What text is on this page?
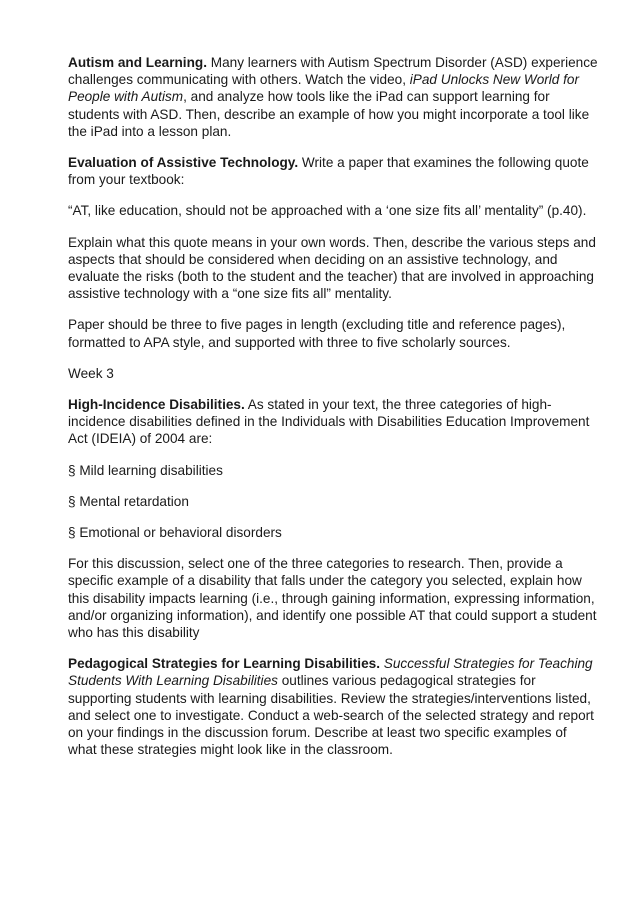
Autism and Learning. Many learners with Autism Spectrum Disorder (ASD) experience challenges communicating with others. Watch the video, iPad Unlocks New World for People with Autism, and analyze how tools like the iPad can support learning for students with ASD. Then, describe an example of how you might incorporate a tool like the iPad into a lesson plan.

Evaluation of Assistive Technology. Write a paper that examines the following quote from your textbook:

“AT, like education, should not be approached with a ‘one size fits all’ mentality” (p.40).

Explain what this quote means in your own words. Then, describe the various steps and aspects that should be considered when deciding on an assistive technology, and evaluate the risks (both to the student and the teacher) that are involved in approaching assistive technology with a “one size fits all” mentality.

Paper should be three to five pages in length (excluding title and reference pages), formatted to APA style, and supported with three to five scholarly sources.

Week 3

High-Incidence Disabilities. As stated in your text, the three categories of high-incidence disabilities defined in the Individuals with Disabilities Education Improvement Act (IDEIA) of 2004 are:

§ Mild learning disabilities

§ Mental retardation

§ Emotional or behavioral disorders

For this discussion, select one of the three categories to research. Then, provide a specific example of a disability that falls under the category you selected, explain how this disability impacts learning (i.e., through gaining information, expressing information, and/or organizing information), and identify one possible AT that could support a student who has this disability

Pedagogical Strategies for Learning Disabilities. Successful Strategies for Teaching Students With Learning Disabilities outlines various pedagogical strategies for supporting students with learning disabilities. Review the strategies/interventions listed, and select one to investigate. Conduct a web-search of the selected strategy and report on your findings in the discussion forum. Describe at least two specific examples of what these strategies might look like in the classroom.
